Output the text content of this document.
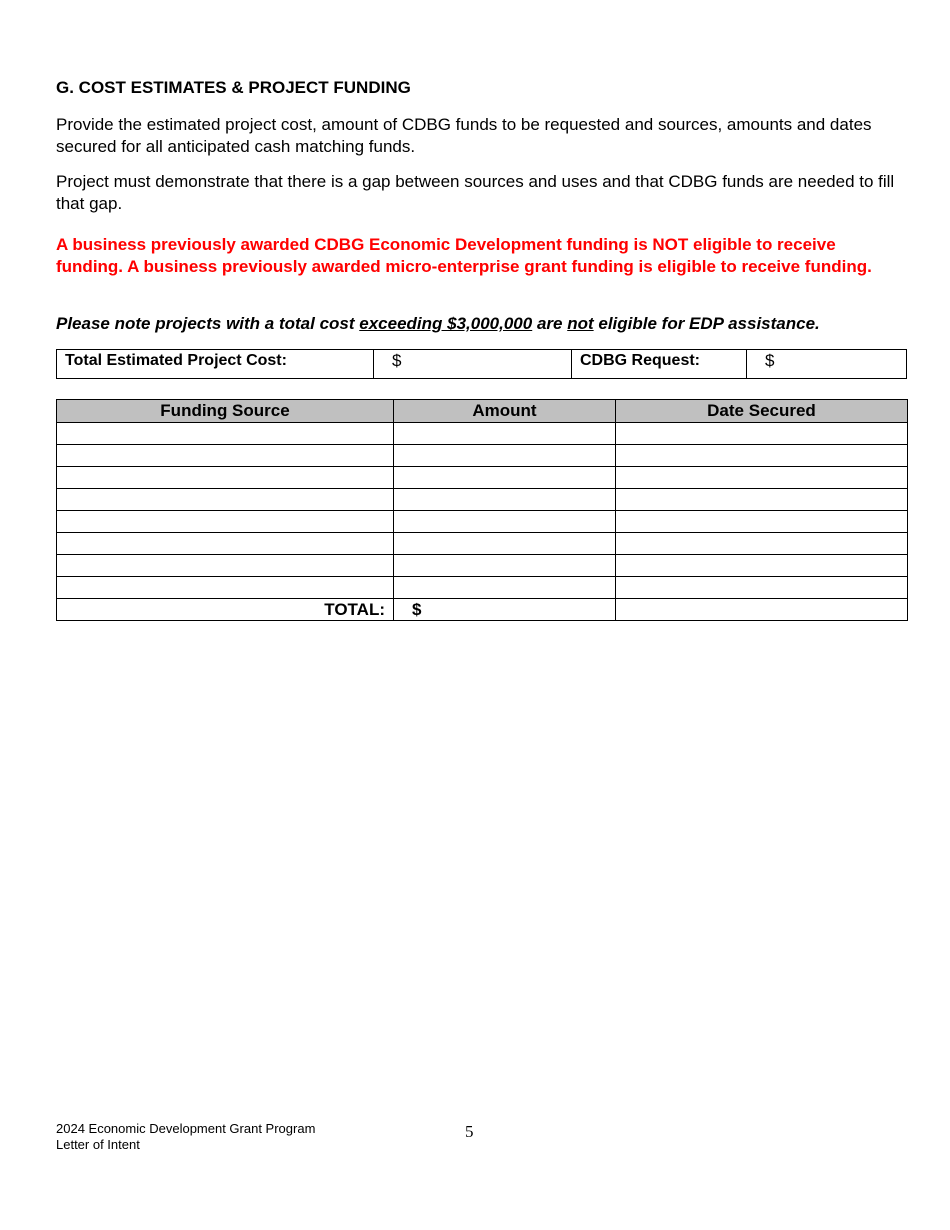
G. COST ESTIMATES & PROJECT FUNDING
Provide the estimated project cost, amount of CDBG funds to be requested and sources, amounts and dates secured for all anticipated cash matching funds.
Project must demonstrate that there is a gap between sources and uses and that CDBG funds are needed to fill that gap.
A business previously awarded CDBG Economic Development funding is NOT eligible to receive funding. A business previously awarded micro-enterprise grant funding is eligible to receive funding.
Please note projects with a total cost exceeding $3,000,000 are not eligible for EDP assistance.
Total Estimated Project Cost:	$	CDBG Request:	$
Funding Source	Amount	Date Secured

TOTAL:	$	
2024 Economic Development Grant Program
Letter of Intent
5
